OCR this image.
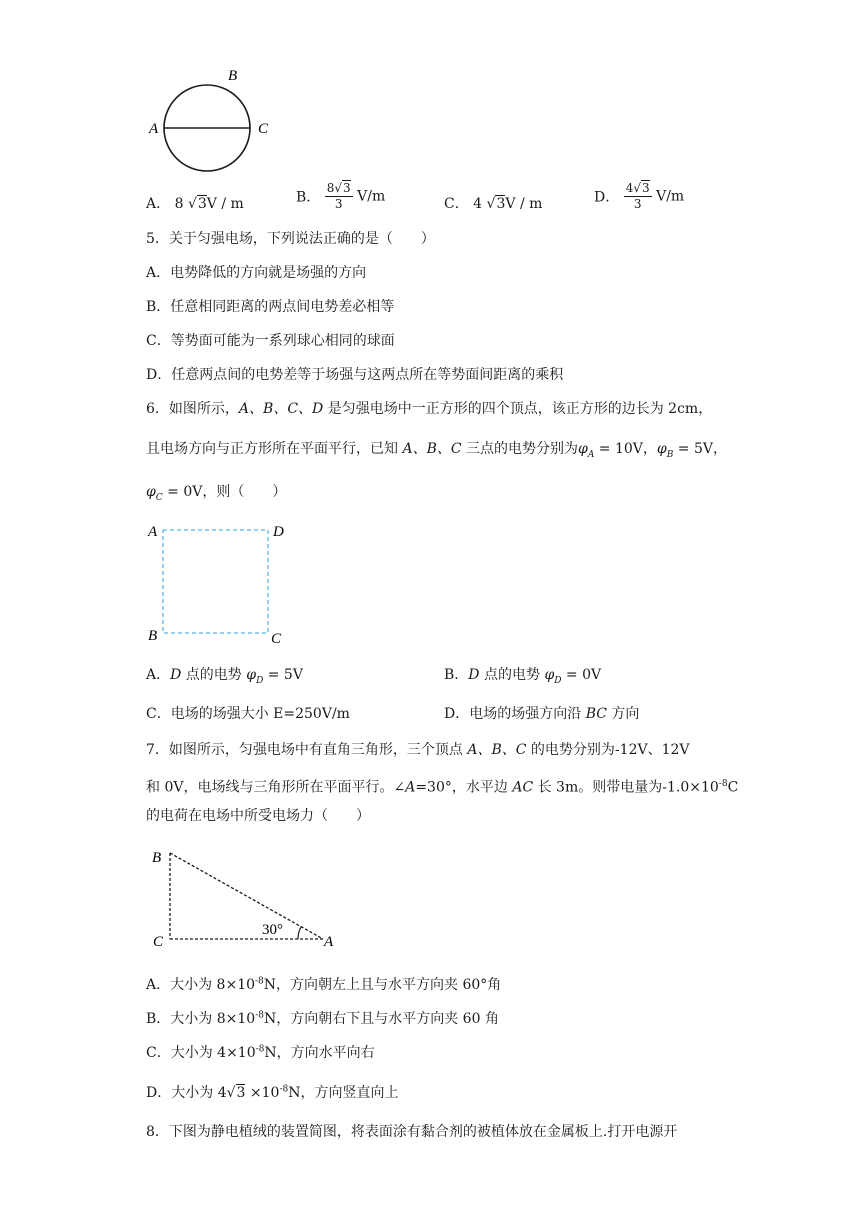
A
B
C
A． 8 √3V / m	B． $\frac{8√3}{3} V/m$	C． 4 √3V / m	D． $\frac{4√3}{3} V/m$
5．关于匀强电场，下列说法正确的是（　　）
A．电势降低的方向就是场强的方向
B．任意相同距离的两点间电势差必相等
C．等势面可能为一系列球心相同的球面
D．任意两点间的电势差等于场强与这两点所在等势面间距离的乘积
6．如图所示，A、B、C、D 是匀强电场中一正方形的四个顶点，该正方形的边长为 2cm，
且电场方向与正方形所在平面平行，已知 A、B、C 三点的电势分别为$\varphi_A = 10V$，$\varphi_B = 5V$，
$\varphi_C = 0V$，则（　　）
A	D
B	C
A．D 点的电势 $\varphi_D = 5V$	B．D 点的电势 $\varphi_D = 0V$
C．电场的场强大小 E=250V/m	D．电场的场强方向沿 BC 方向
7．如图所示，匀强电场中有直角三角形，三个顶点 A、B、C 的电势分别为-12V、12V
和 0V，电场线与三角形所在平面平行。∠A=30°，水平边 AC 长 3m。则带电量为$-1.0\times 10^{-8}C$
的电荷在电场中所受电场力（　　）
B
C	A
30°
A．大小为 $8\times 10^{-8}N$，方向朝左上且与水平方向夹 60°角
B．大小为 $8\times 10^{-8}N$，方向朝右下且与水平方向夹 60 角
C．大小为 $4\times 10^{-8}N$，方向水平向右
D．大小为 $4√3 \times 10^{-8}N$，方向竖直向上
8．下图为静电植绒的装置简图，将表面涂有黏合剂的被植体放在金属板上.打开电源开
